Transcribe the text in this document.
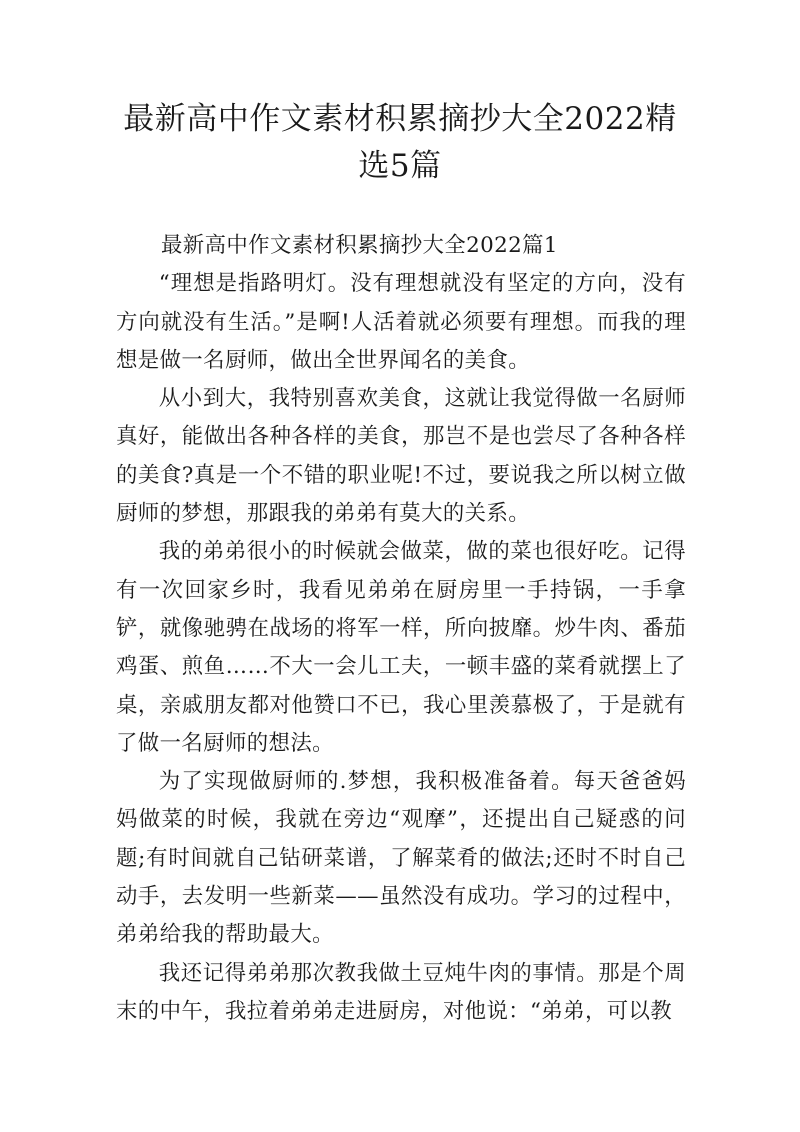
最新高中作文素材积累摘抄大全2022精选5篇

最新高中作文素材积累摘抄大全2022篇1

“理想是指路明灯。没有理想就没有坚定的方向，没有方向就没有生活。”是啊!人活着就必须要有理想。而我的理想是做一名厨师，做出全世界闻名的美食。

从小到大，我特别喜欢美食，这就让我觉得做一名厨师真好，能做出各种各样的美食，那岂不是也尝尽了各种各样的美食?真是一个不错的职业呢!不过，要说我之所以树立做厨师的梦想，那跟我的弟弟有莫大的关系。

我的弟弟很小的时候就会做菜，做的菜也很好吃。记得有一次回家乡时，我看见弟弟在厨房里一手持锅，一手拿铲，就像驰骋在战场的将军一样，所向披靡。炒牛肉、番茄鸡蛋、煎鱼……不大一会儿工夫，一顿丰盛的菜肴就摆上了桌，亲戚朋友都对他赞口不已，我心里羡慕极了，于是就有了做一名厨师的想法。

为了实现做厨师的.梦想，我积极准备着。每天爸爸妈妈做菜的时候，我就在旁边“观摩”，还提出自己疑惑的问题;有时间就自己钻研菜谱，了解菜肴的做法;还时不时自己动手，去发明一些新菜——虽然没有成功。学习的过程中，弟弟给我的帮助最大。

我还记得弟弟那次教我做土豆炖牛肉的事情。那是个周末的中午，我拉着弟弟走进厨房，对他说：“弟弟，可以教
